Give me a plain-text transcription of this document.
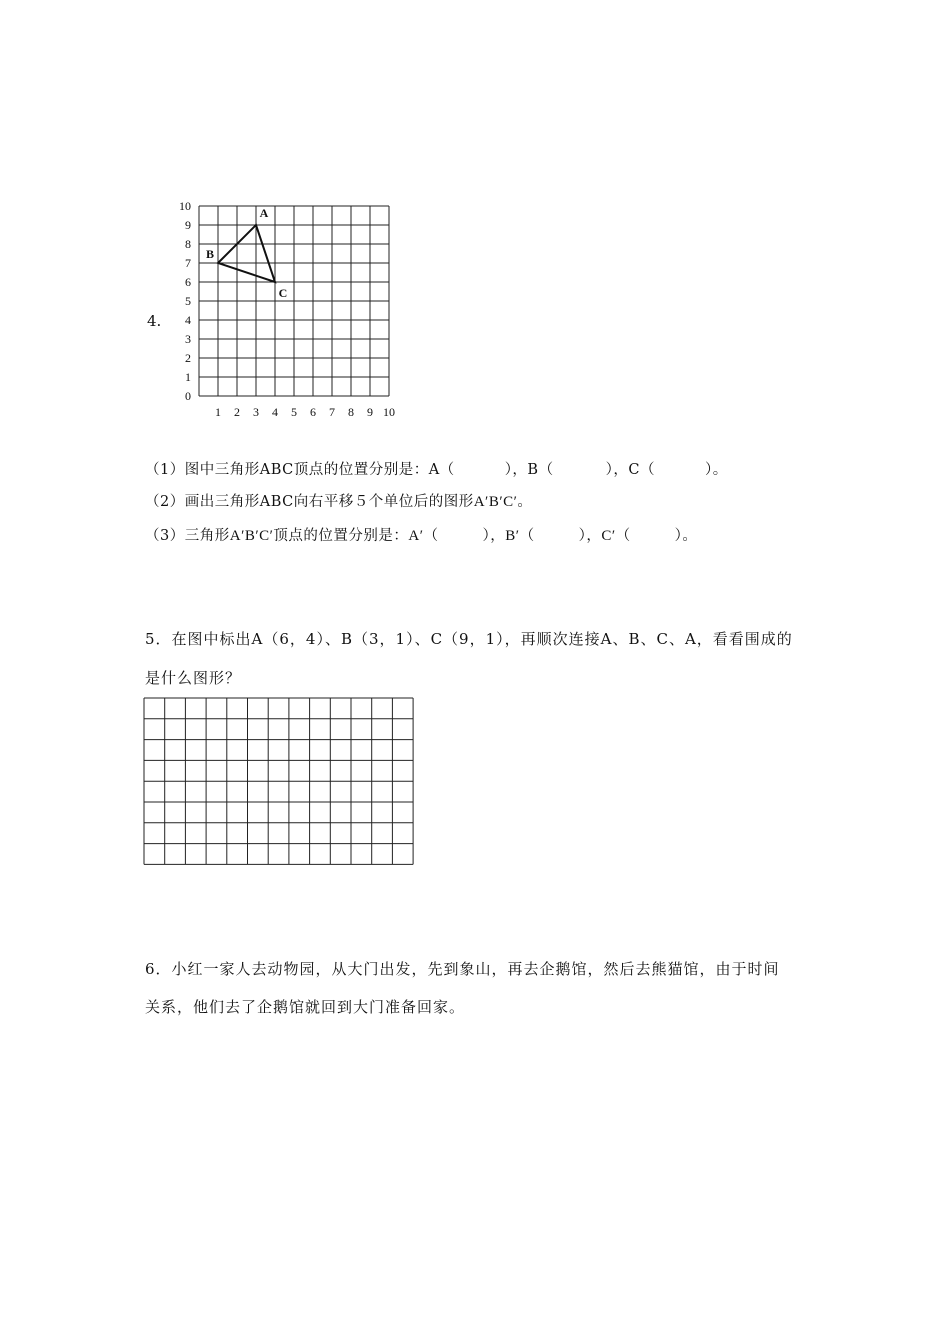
4.
1 2 3 4 5 6 7 8 9 10
0
1
2
3
4
5
6
7
8
9
10	A
B
C
（1）图中三角形ABC顶点的位置分别是：A（	），B（	），C（	）。
（2）画出三角形ABC向右平移５个单位后的图形A′B′C′。
（3）三角形A′B′C′顶点的位置分别是：A′（	），B′（	），C′（	）。
5．在图中标出A（6，4）、B（3，1）、C（9，1），再顺次连接A、B、C、A，看看围成的
是什么图形？
6．小红一家人去动物园，从大门出发，先到象山，再去企鹅馆，然后去熊猫馆，由于时间
关系，他们去了企鹅馆就回到大门准备回家。
